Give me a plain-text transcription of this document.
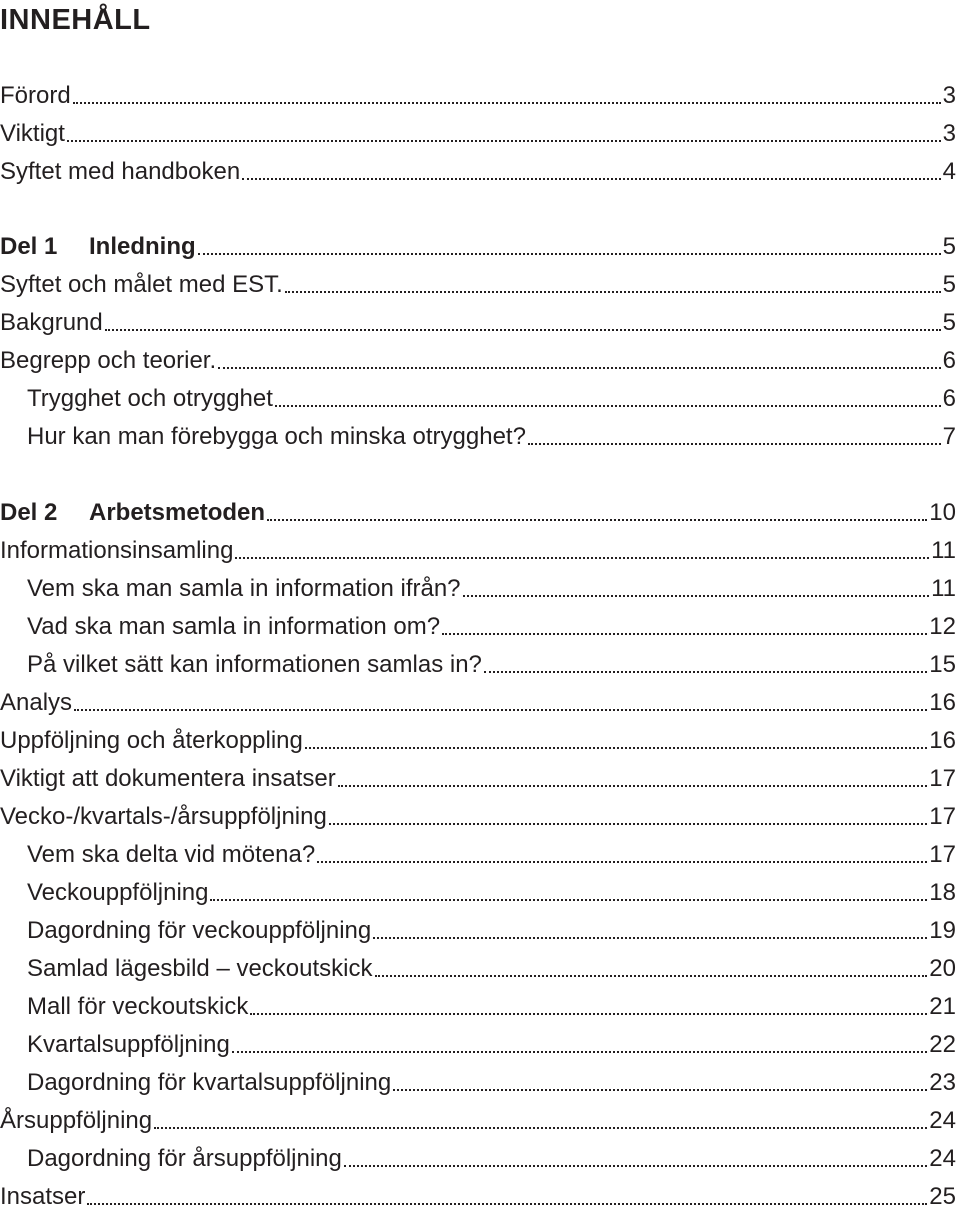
INNEHÅLL
Förord	3
Viktigt	3
Syftet med handboken	4
Del 1	Inledning	5
Syftet och målet med EST.	5
Bakgrund	5
Begrepp och teorier.	6
Trygghet och otrygghet	6
Hur kan man förebygga och minska otrygghet?	7
Del 2	Arbetsmetoden	10
Informationsinsamling	11
Vem ska man samla in information ifrån?	11
Vad ska man samla in information om?	12
På vilket sätt kan informationen samlas in?	15
Analys	16
Uppföljning och återkoppling	16
Viktigt att dokumentera insatser	17
Vecko-/kvartals-/årsuppföljning	17
Vem ska delta vid mötena?	17
Veckouppföljning	18
Dagordning för veckouppföljning	19
Samlad lägesbild – veckoutskick	20
Mall för veckoutskick	21
Kvartalsuppföljning	22
Dagordning för kvartalsuppföljning	23
Årsuppföljning	24
Dagordning för årsuppföljning	24
Insatser	25
